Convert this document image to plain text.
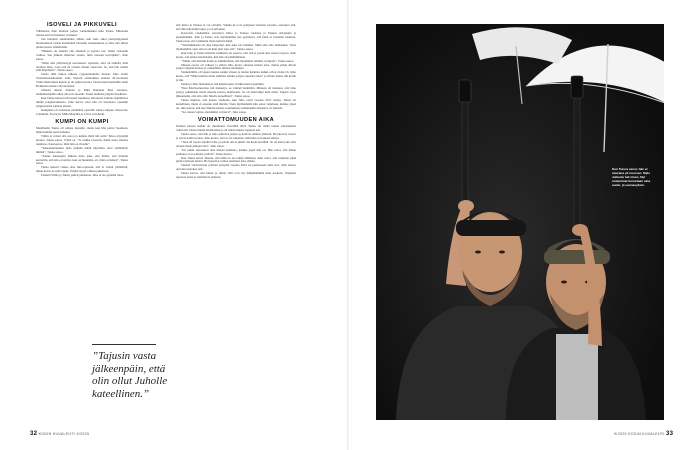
ISOVELI JA PIKKUVELI

Vähintelen Juho muuttui paljon vanhemmaksi kuin Tunna. Mitenoitu iloisen-kavoit monetkoi vuodeksi.

Sen huomasi suunnitellen allisin, kun Juho alkoi parikymppisenä huomaamaan vatsan kestämättä Tunnalle rokusuunnata ja siitä, että Juhon pitäisi nostaa tahdellisille.

”Minusta oli tärkeää olla aikuinen ja kyntaa vaa: lisään vastapäin vaihtoa. Sen jälkeen ilahtolen asioita, tulin vuoteen isoveljeksi”, Juho sanoo.

”Minä olin ydinviestyjä nuoruuteni. Ajattelin, ettei oli tärkeää, mitä tuolloin tulee, vaan että en ottanut itseäni vakavasti. Se, että hän nauttii elää kilpailusta”, Tunna sanoo.

Tunna lähti lukion jälkeen ryppuereitunelle lintaan. Juho aloitti Teatterikorkeakoulun. Juho näytteli esimerkiksi Aamun 26-vuotiaana Viima Melavimen kanssa ja oli paljon kotona. Tunna meni mainoihin Jenni Holkkalan kanssa 29-vuotiaana.

Samaan aikaan Tunnan ja Riku Rantalan Mad ventures-matkailuohjelma alkoi olla tosi suosittu. Tunna matkusti ympäri maailmaa.

Kun Tunna kertasi tuli Guatia Suomeen, hän kertoi Juholle ohjelmistoa mitäjä jongleerauksesta. Juho kertoi, ettei hän oli Suomessa opetellut jongleerausta samaan aikaan.

Kumpikin oli toisistaan tietämättä opetellut samaa tempun. Showerin, Columnin, Factoryn, Mille Mondien ja Clave Gatchesin.

KUMPI ON KUMPI

Maailmalla Tunna oli omana itsenään, mutta kun hän palasi Suomeen, häntä luultiin usein Juhoksi.

Väliin ei voinut olla noroa ja kuinka tämä tuli sulle? Juhoa näyttelijä huokoi. Tunna sanoo. Väärä on. ”Ja vaikka tavernan, häntä sanoi sinunsa tunnistaa. Kun kertoo, mitä hän on vitsailu”.

”Sekaannuttanteen lusia pitkään häntä näytöiksi, ettei vellähtänyt mitään”, Tunna sanoo.

”Joskus kaupungin jälkeen tulee joku, että luulee, että minulle kerrottiin, että hän on tehnyt, kun sai huulenha, ett, minä on hänen”, Tunna sanoo.

Tunna kehotti vaikea aina Juho-ajastaan, että ei voinut ymmärtää, miten kovaa ne teitä opetti. Veljien täytyi vaihtaa puheitaan.

Paulsen Viima ja Tunna jatkoit puheenan. Juho ei ole ajatellut asiaa.

”Tajusin vasta jälkeenpäin, että olin ollut Juholle kateellinen.”

että Juhoa ja Tunnaa ei voi vertailla. Vaikka he ovat syntyneet samoina vuosina, sanottava sitä, että mitä näyttelijä tekee, ja on erilainen.

Kasvoista vanhemmat vertasivat Juhoa ja Tunnaa toisiinsa ja Tunnaa erilaiseksi ja pienemmäksi. Juho ja Tunna ovat myöhemmin itse pyytäneet, että heitä ei vertailisi toisiinsa. Tunna tiesi, että vanhempi myös kehotti häntä.

”Samanikäisenä oli aina helpompi, kun joku oli erilainen. Minä olin aina ahdistunut. Vasta myöhemmin opin, että ei ole kuin yksi tapa olla”, Tunna sanoo.

Kun Juho ja Tunna menivät naimisiin, he sopivat, että veli ei joudu aina toisen varjoon. Juho kertoi, että tuntui tuskalliselta, kun hän oli pahimmillaan.

”Tähän, että mentiin kotiin ja ymmärrettiin, että molemmat olimme vartijoita”, Tunna sanoo.

Jälkeen erossa oli vaikeaa ja silloin Juho kertoi olleensa hetken arka. Tunna puhui silloin paljon veljensä kanssa ja vanhemmat tukivat molempia.

Vanhemmilla oli tapana kutsua kaikki yhteen ja tunnin kuluttua kaikki olivat riidan yli. Juho kertoi, että ”Minä tuntisin sinun sisälläsi, kuinka paljon rakastan sinua” ja silloin Tunna tuli kotiin ja itki.

Tunna ja Juho muistelevat sitä hetkeä usein. Kaikki meni paremmin.

”Kun Madventuresista tuli menestys, se vaihteli hetkittäin. Minusta oli tuntunut, että Juho pystyy puhumaan mistä tahansa kanssa mahtavasti. Se oli taitavampi kuin minä. Tajusin vasta jälkeenpäin, että olin ollut Juholle kateellinen”, Tunna sanoo.

Tunna muistaa, että joskus vanhoina, kun Juho voitti vuoden 2017 Jussin, Tunna oli kateellinen, mutta ei sanonut siitä mitään. Vasta myöhemmin hän sanoi veljelleen, kuinka ylpeä oli. Juho kertoi, että teki Tunnan kanssa sopimuksen: kummankin menestys on yhteistä.

”Jos toinen voittaa, molemmat voittavat”, Juho sanoo.

VOIMATTOMUUDEN AIKA

Paulsen kanssa kaikki oli muuttunut. Keväällä 2022 Tunna sai tietää isänsä sairastuneen vakavasti. Tunna muutti kotimaahan ja oli isänsä tukena loppuun asti.

Tunna sanoo, että hän ja Juho puhuivat paljon ja hoitivat isäänsä yhdessä. He jakoivat vuorot ja toivat kotiin ruokaa. Juho kertoo, että se oli vaikeinta, mitä hän on koskaan tehnyt.

”Teen 26 vuotta täysillä töitä, ja päivät olivat pitkiä. Isä kuoli keväällä. Se oli kuin joku olisi ottanut maan jalkojen alta”, Juho sanoo.

”Isä puhui sairaalassa aina meistä kahdesta, kuinka ylpeä hän on. Hän sanoi, että hänen poikansa ovat parhaita ystäviä”, Tunna kertoo.

Kun Tunna kertoi Juholle, että tämä on iso tekijä elämässä, Juho sanoi, että veljesten pitää pitää toisistaan huolta. He lupasivat soittaa toisilleen joka viikko.

Tunnan viisivuotiaan tyttären syntymä vuonna 2022 toi perheeseen uutta iloa. Juho kertoo olevansa innokas setä.

Tunna kertoo, että hänen ja Juhon välit ovat nyt lämpimämmät kuin koskaan. Veljekset tapaavat usein ja lomailevat yhdessä.

32 KODIN KUVALEHTI 9/2025
Kun Tunna sanoi, hän ei naurana yli nuorsen. Mylo Juhosta tuli ninen. Nyt molemmat tunnetaan aina auoin, ja saunasyksin.
9/2025 KODIN KUVALEHTI 33
